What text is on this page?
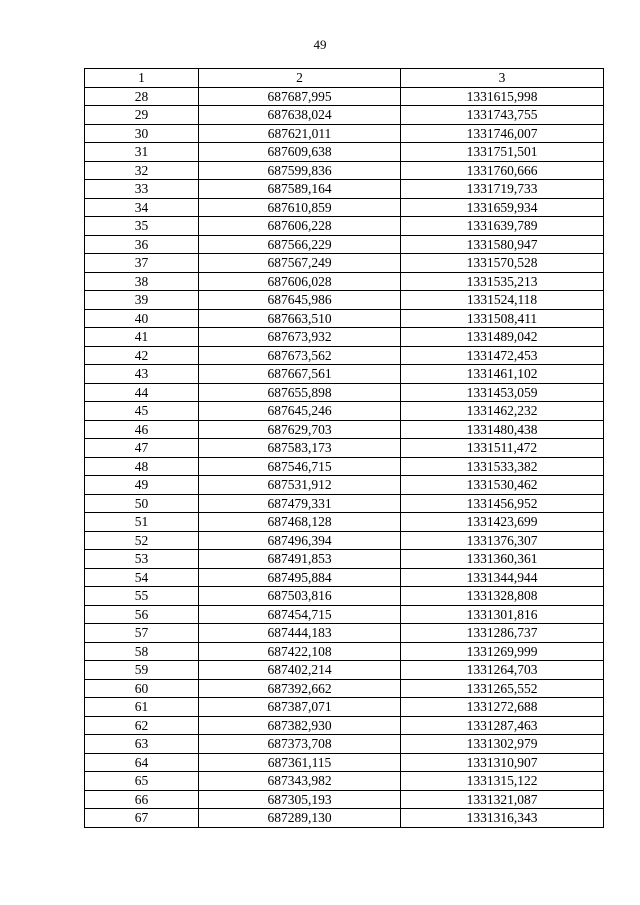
49
1	2	3
28	687687,995	1331615,998
29	687638,024	1331743,755
30	687621,011	1331746,007
31	687609,638	1331751,501
32	687599,836	1331760,666
33	687589,164	1331719,733
34	687610,859	1331659,934
35	687606,228	1331639,789
36	687566,229	1331580,947
37	687567,249	1331570,528
38	687606,028	1331535,213
39	687645,986	1331524,118
40	687663,510	1331508,411
41	687673,932	1331489,042
42	687673,562	1331472,453
43	687667,561	1331461,102
44	687655,898	1331453,059
45	687645,246	1331462,232
46	687629,703	1331480,438
47	687583,173	1331511,472
48	687546,715	1331533,382
49	687531,912	1331530,462
50	687479,331	1331456,952
51	687468,128	1331423,699
52	687496,394	1331376,307
53	687491,853	1331360,361
54	687495,884	1331344,944
55	687503,816	1331328,808
56	687454,715	1331301,816
57	687444,183	1331286,737
58	687422,108	1331269,999
59	687402,214	1331264,703
60	687392,662	1331265,552
61	687387,071	1331272,688
62	687382,930	1331287,463
63	687373,708	1331302,979
64	687361,115	1331310,907
65	687343,982	1331315,122
66	687305,193	1331321,087
67	687289,130	1331316,343
